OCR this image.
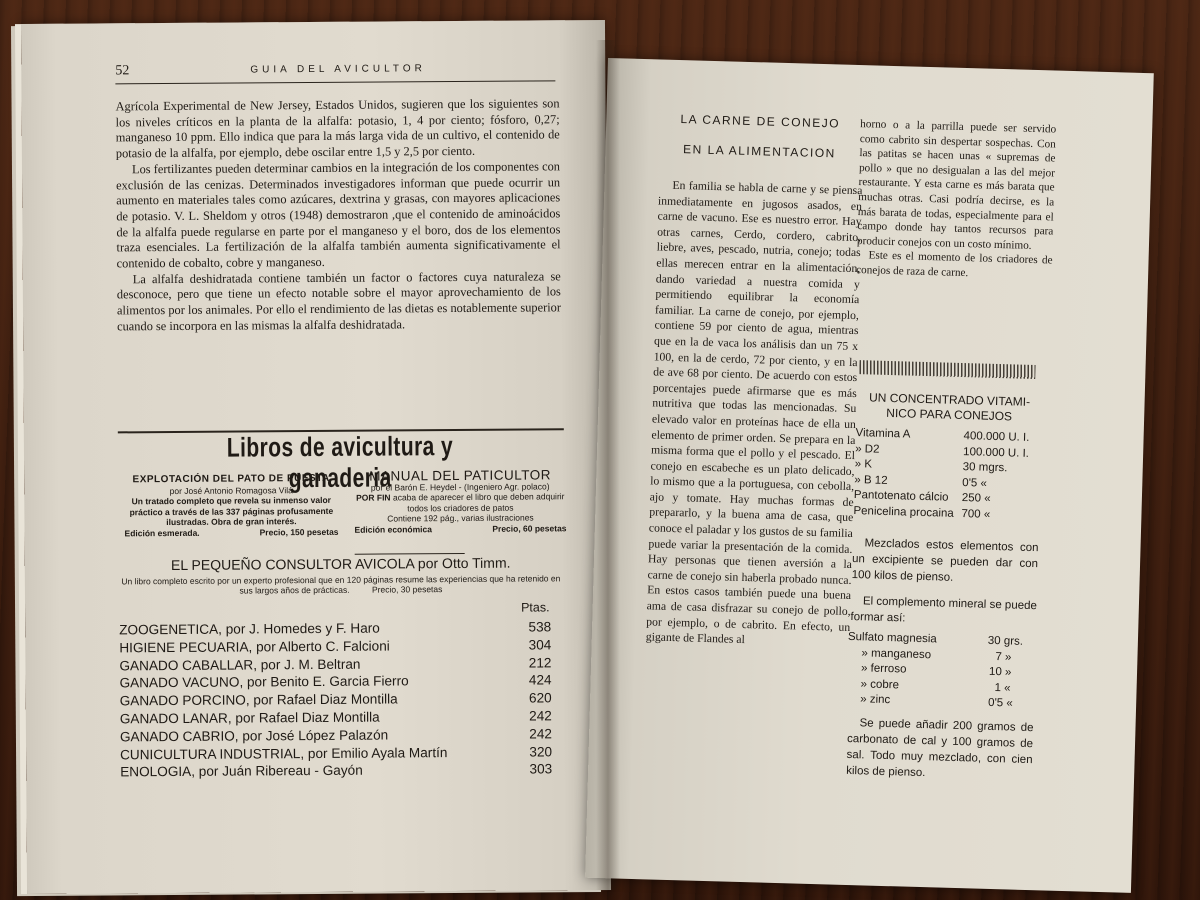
52	GUIA DEL AVICULTOR

Agrícola Experimental de New Jersey, Estados Unidos, sugieren que los siguientes son los niveles críticos en la planta de la alfalfa: potasio, 1, 4 por ciento; fósforo, 0,27; manganeso 10 ppm. Ello indica que para la más larga vida de un cultivo, el contenido de potasio de la alfalfa, por ejemplo, debe oscilar entre 1,5 y 2,5 por ciento.

Los fertilizantes pueden determinar cambios en la integración de los componentes con exclusión de las cenizas. Determinados investigadores informan que puede ocurrir un aumento en materiales tales como azúcares, dextrina y grasas, con mayores aplicaciones de potasio. V. L. Sheldom y otros (1948) demostraron ,que el contenido de aminoácidos de la alfalfa puede regularse en parte por el manganeso y el boro, dos de los elementos traza esenciales. La fertilización de la alfalfa también aumenta significativamente el contenido de cobalto, cobre y manganeso.

La alfalfa deshidratada contiene también un factor o factores cuya naturaleza se desconoce, pero que tiene un efecto notable sobre el mayor aprovechamiento de los alimentos por los animales. Por ello el rendimiento de las dietas es notablemente superior cuando se incorpora en las mismas la alfalfa deshidratada.

Libros de avicultura y ganaderia
EXPLOTACIÓN DEL PATO DE PUESTA
por José Antonio Romagosa Vilá
Un tratado completo que revela su inmenso valor práctico a través de las 337 páginas profusamente ilustradas. Obra de gran interés.
Edición esmerada.	Precio, 150 pesetas
MANUAL DEL PATICULTOR
por el Barón E. Heydel - (Ingeniero Agr. polaco)
POR FIN acaba de aparecer el libro que deben adquirir todos los criadores de patos
Contiene 192 pág., varias ilustraciones
Edición económica	Precio, 60 pesetas
EL PEQUEÑO CONSULTOR AVICOLA por Otto Timm.
Un libro completo escrito por un experto profesional que en 120 páginas resume las experiencias que ha retenido en sus largos años de prácticas.	Precio, 30 pesetas
Ptas.
ZOOGENETICA, por J. Homedes y F. Haro	538
HIGIENE PECUARIA, por Alberto C. Falcioni	304
GANADO CABALLAR, por J. M. Beltran	212
GANADO VACUNO, por Benito E. Garcia Fierro	424
GANADO PORCINO, por Rafael Diaz Montilla	620
GANADO LANAR, por Rafael Diaz Montilla	242
GANADO CABRIO, por José López Palazón	242
CUNICULTURA INDUSTRIAL, por Emilio Ayala Martín	320
ENOLOGIA, por Juán Ribereau - Gayón	303
LA CARNE DE CONEJO
EN LA ALIMENTACION

En familia se habla de carne y se piensa inmediatamente en jugosos asados, en carne de vacuno. Ese es nuestro error. Hay otras carnes, Cerdo, cordero, cabrito, liebre, aves, pescado, nutria, conejo; todas ellas merecen entrar en la alimentación, dando variedad a nuestra comida y permitiendo equilibrar la economía familiar. La carne de conejo, por ejemplo, contiene 59 por ciento de agua, mientras que en la de vaca los análisis dan un 75 x 100, en la de cerdo, 72 por ciento, y en la de ave 68 por ciento. De acuerdo con estos porcentajes puede afirmarse que es más nutritiva que todas las mencionadas. Su elevado valor en proteínas hace de ella un elemento de primer orden. Se prepara en la misma forma que el pollo y el pescado. El conejo en escabeche es un plato delicado, lo mismo que a la portuguesa, con cebolla, ajo y tomate. Hay muchas formas de prepararlo, y la buena ama de casa, que conoce el paladar y los gustos de su familia puede variar la presentación de la comida. Hay personas que tienen aversión a la carne de conejo sin haberla probado nunca. En estos casos también puede una buena ama de casa disfrazar su conejo de pollo, por ejemplo, o de cabrito. En efecto, un gigante de Flandes al

horno o a la parrilla puede ser servido como cabrito sin despertar sospechas. Con las patitas se hacen unas « supremas de pollo » que no desigualan a las del mejor restaurante. Y esta carne es más barata que muchas otras. Casi podría decirse, es la más barata de todas, especialmente para el campo donde hay tantos recursos para producir conejos con un costo mínimo.

Este es el momento de los criadores de conejos de raza de carne.

UN CONCENTRADO VITAMI-
NICO PARA CONEJOS
Vitamina A	400.000 U. I.
» D2	100.000 U. I.
» K	30 mgrs.
» B 12	0'5 «
Pantotenato cálcio 250 «
Penicelina procaina 700 «

Mezclados estos elementos con un excipiente se pueden dar con 100 kilos de pienso.

El complemento mineral se puede formar así:

Sulfato magnesia	30 grs.
» manganeso	7 »
» ferroso	10 »
» cobre	1 «
» zinc	0'5 «

Se puede añadir 200 gramos de carbonato de cal y 100 gramos de sal. Todo muy mezclado, con cien kilos de pienso.
